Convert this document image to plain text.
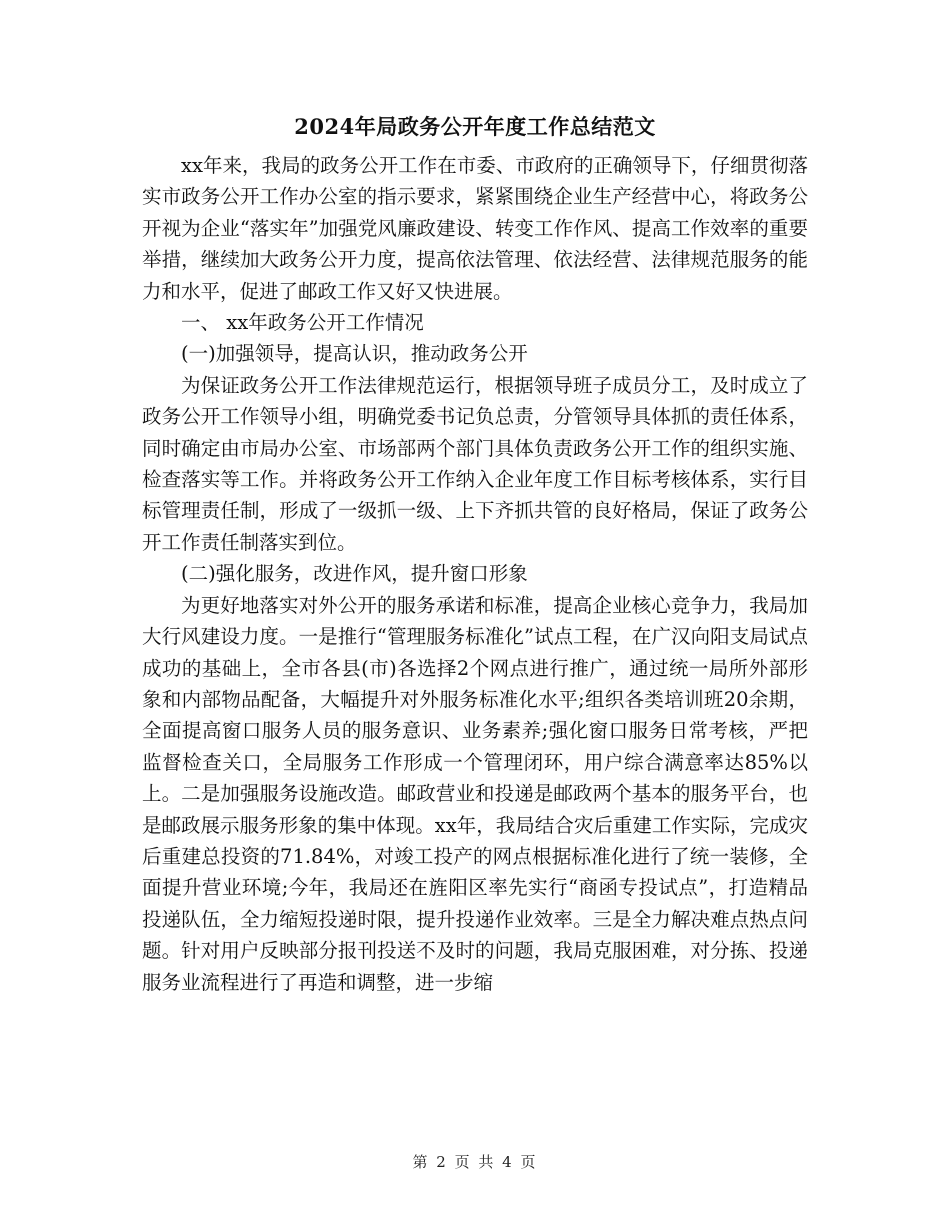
2024年局政务公开年度工作总结范文

xx年来，我局的政务公开工作在市委、市政府的正确领导下，仔细贯彻落实市政务公开工作办公室的指示要求，紧紧围绕企业生产经营中心，将政务公开视为企业“落实年”加强党风廉政建设、转变工作作风、提高工作效率的重要举措，继续加大政务公开力度，提高依法管理、依法经营、法律规范服务的能力和水平，促进了邮政工作又好又快进展。

一、 xx年政务公开工作情况

(一)加强领导，提高认识，推动政务公开

为保证政务公开工作法律规范运行，根据领导班子成员分工，及时成立了政务公开工作领导小组，明确党委书记负总责，分管领导具体抓的责任体系，同时确定由市局办公室、市场部两个部门具体负责政务公开工作的组织实施、检查落实等工作。并将政务公开工作纳入企业年度工作目标考核体系，实行目标管理责任制，形成了一级抓一级、上下齐抓共管的良好格局，保证了政务公开工作责任制落实到位。

(二)强化服务，改进作风，提升窗口形象

为更好地落实对外公开的服务承诺和标准，提高企业核心竞争力，我局加大行风建设力度。一是推行“管理服务标准化”试点工程，在广汉向阳支局试点成功的基础上，全市各县(市)各选择2个网点进行推广，通过统一局所外部形象和内部物品配备，大幅提升对外服务标准化水平;组织各类培训班20余期，全面提高窗口服务人员的服务意识、业务素养;强化窗口服务日常考核，严把监督检查关口，全局服务工作形成一个管理闭环，用户综合满意率达85%以上。二是加强服务设施改造。邮政营业和投递是邮政两个基本的服务平台，也是邮政展示服务形象的集中体现。xx年，我局结合灾后重建工作实际，完成灾后重建总投资的71.84%，对竣工投产的网点根据标准化进行了统一装修，全面提升营业环境;今年，我局还在旌阳区率先实行“商函专投试点”，打造精品投递队伍，全力缩短投递时限，提升投递作业效率。三是全力解决难点热点问题。针对用户反映部分报刊投送不及时的问题，我局克服困难，对分拣、投递服务业流程进行了再造和调整，进一步缩

第 2 页 共 4 页
